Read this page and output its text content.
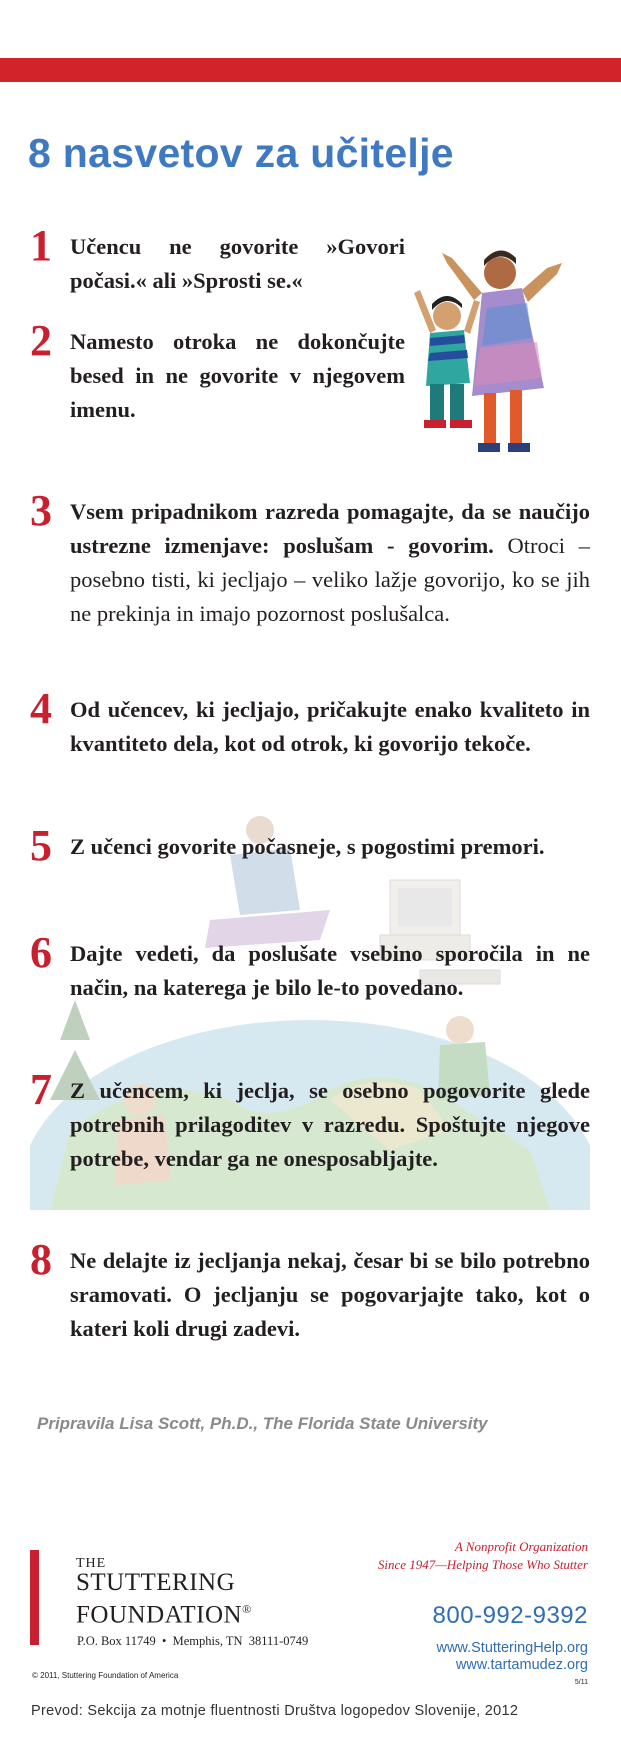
8 nasvetov za učitelje
1 Učencu ne govorite »Govori počasi.« ali »Sprosti se.«
2 Namesto otroka ne dokončujte besed in ne govorite v njegovem imenu.
3 Vsem pripadnikom razreda pomagajte, da se naučijo ustrezne izmenjave: poslušam - govorim. Otroci – posebno tisti, ki jecljajo – veliko lažje govorijo, ko se jih ne prekinja in imajo pozornost poslušalca.
4 Od učencev, ki jecljajo, pričakujte enako kvaliteto in kvantiteto dela, kot od otrok, ki govorijo tekoče.
5 Z učenci govorite počasneje, s pogostimi premori.
6 Dajte vedeti, da poslušate vsebino sporočila in ne način, na katerega je bilo le-to povedano.
7 Z učencem, ki jeclja, se osebno pogovorite glede potrebnih prilagoditev v razredu. Spoštujte njegove potrebe, vendar ga ne onesposabljajte.
8 Ne delajte iz jecljanja nekaj, česar bi se bilo potrebno sramovati. O jecljanju se pogovarjajte tako, kot o kateri koli drugi zadevi.
Pripravila Lisa Scott, Ph.D., The Florida State University
THE
STUTTERING
FOUNDATION®
P.O. Box 11749  •  Memphis, TN  38111-0749
© 2011, Stuttering Foundation of America
A Nonprofit Organization
Since 1947—Helping Those Who Stutter
800-992-9392
www.StutteringHelp.org
www.tartamudez.org
5/11
Prevod: Sekcija za motnje fluentnosti Društva logopedov Slovenije, 2012
